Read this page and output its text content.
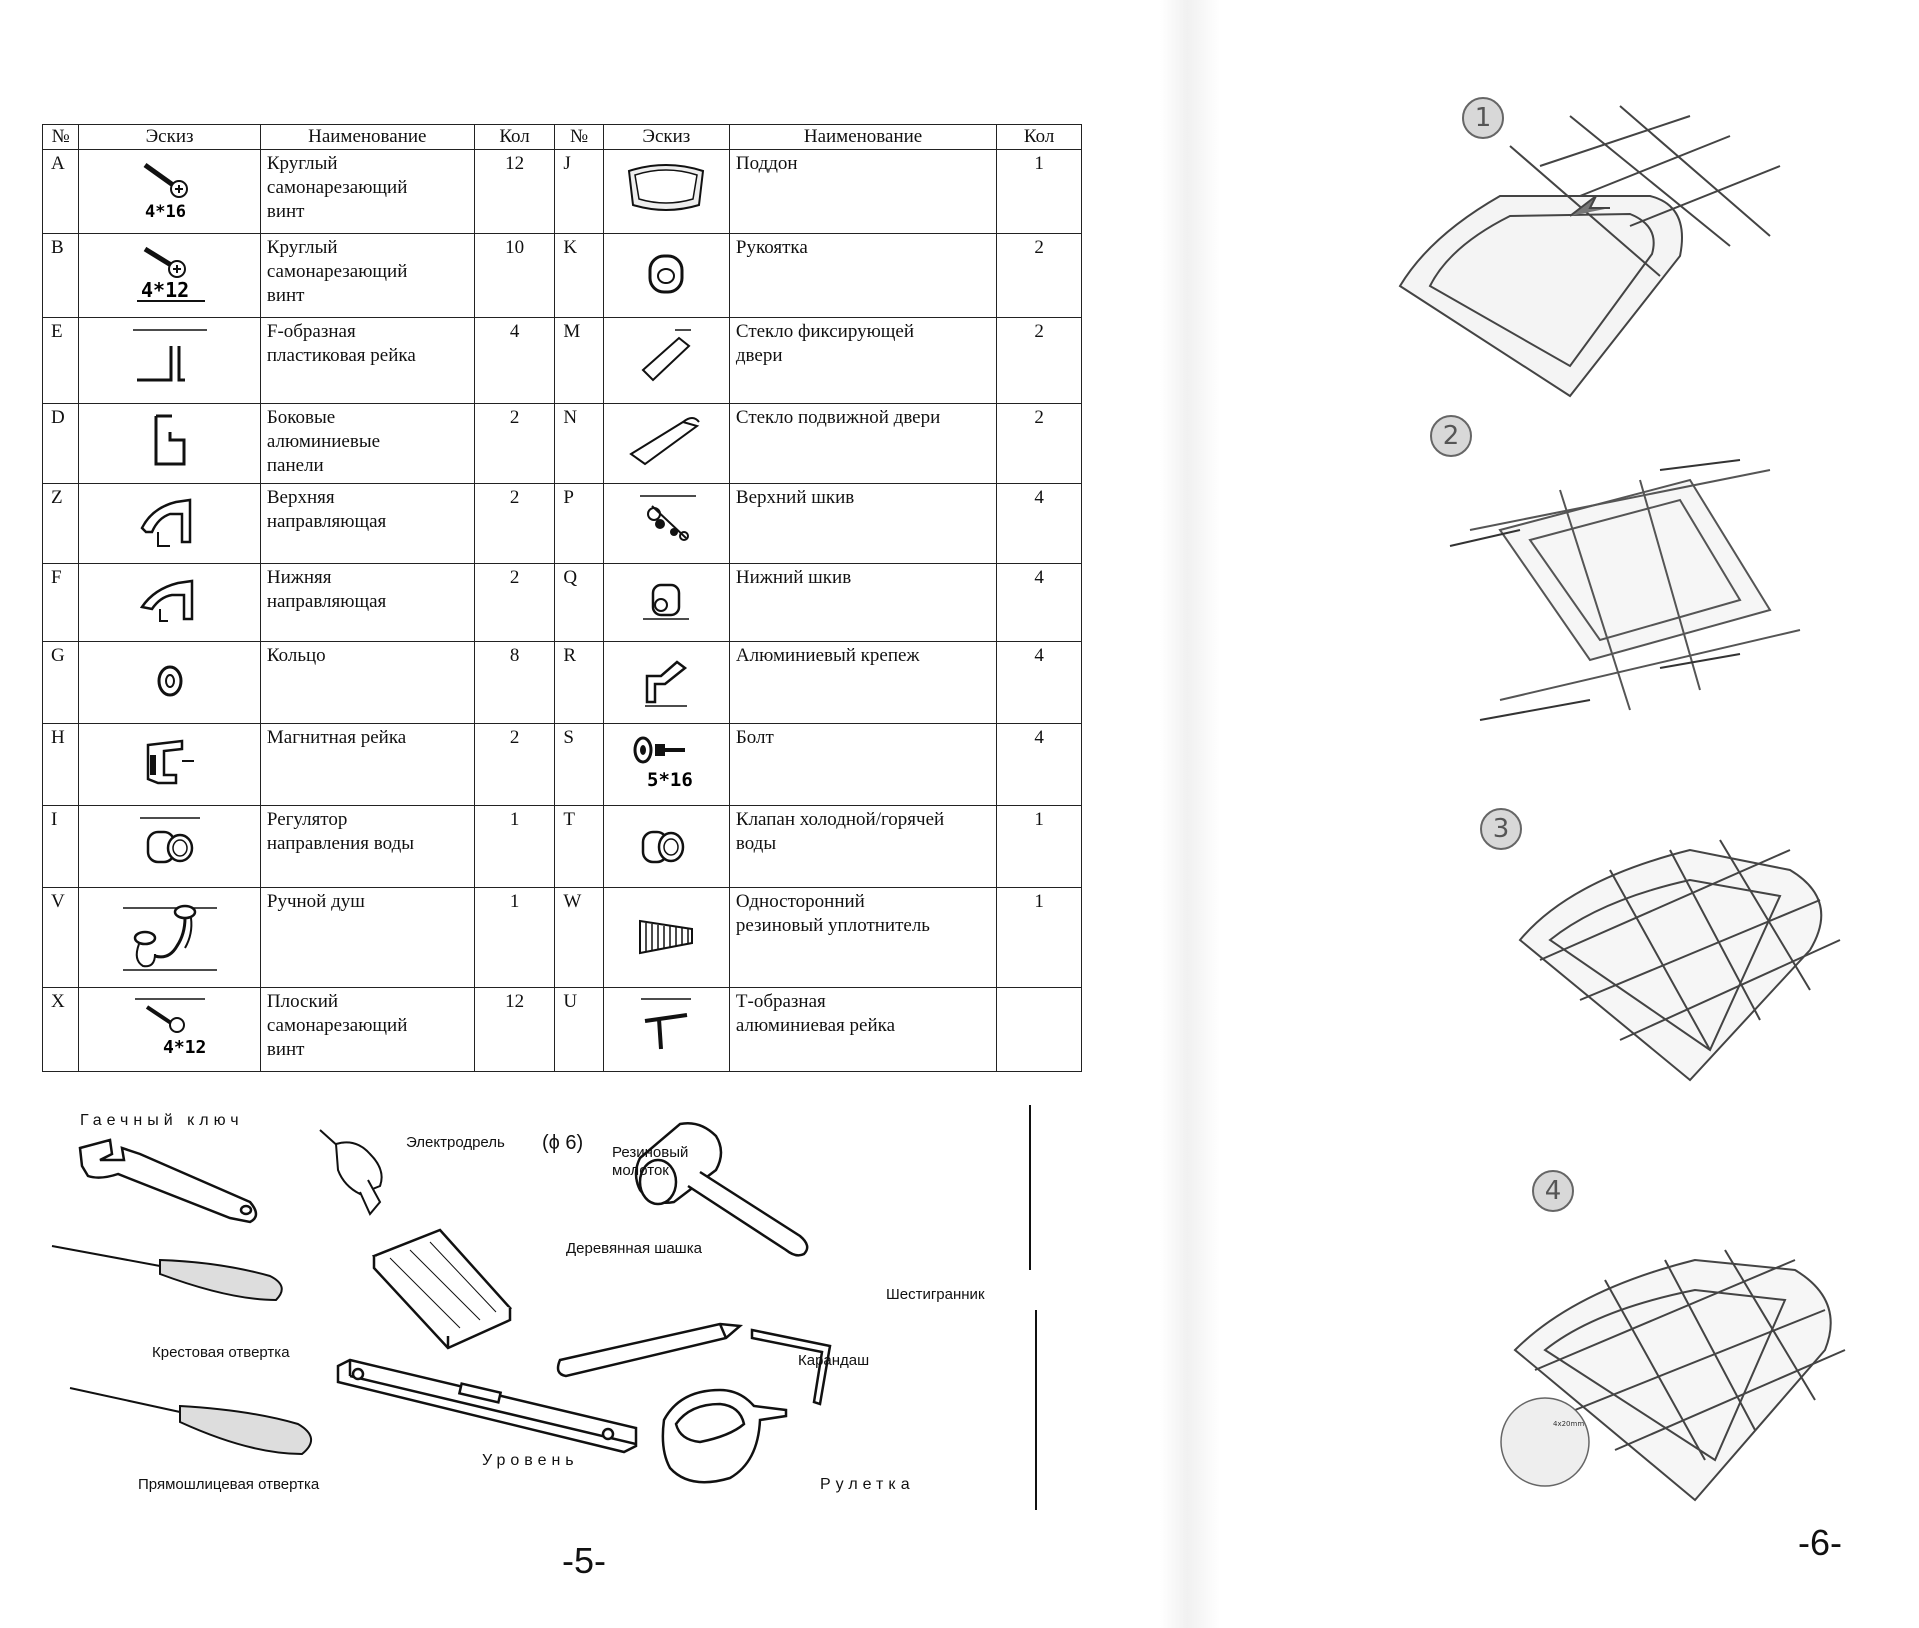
№	Эскиз	Наименование	Кол	№	Эскиз	Наименование	Кол
A	4*16	Круглый
самонарезающий
винт	12	J		Поддон	1
B	4*12	Круглый
самонарезающий
винт	10	K		Рукоятка	2
E		F-образная
пластиковая рейка	4	M		Стекло фиксирующей
двери	2
D		Боковые
алюминиевые
панели	2	N		Стекло подвижной двери	2
Z		Верхняя
направляющая	2	P		Верхний шкив	4
F		Нижняя
направляющая	2	Q		Нижний шкив	4
G		Кольцо	8	R		Алюминиевый крепеж	4
H		Магнитная рейка	2	S	5*16	Болт	4
I		Регулятор
направления воды	1	T		Клапан холодной/горячей
воды	1
V		Ручной душ	1	W		Односторонний
резиновый уплотнитель	1
X	4*12	Плоский
самонарезающий
винт	12	U		Т-образная
алюминиевая рейка	
Гаечный ключ
Электродрель (ϕ 6) Резиновый
молоток
Деревянная шашка
Крестовая отвертка
Шестигранник
Карандаш
Прямошлицевая отвертка
Уровень
Рулетка
-5-
1
2
3
4
4x20mm
-6-
